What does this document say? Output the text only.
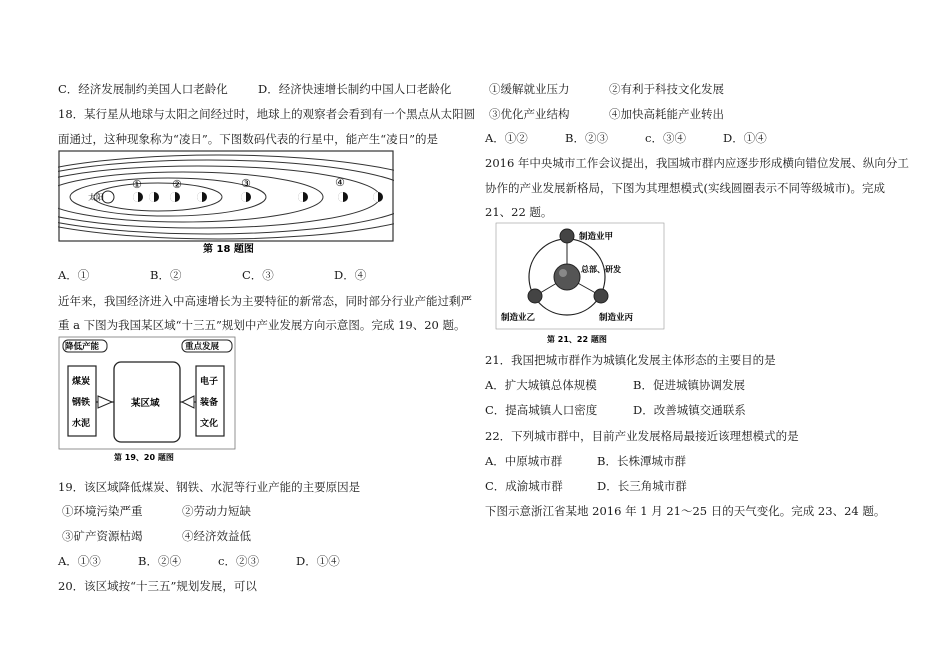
C．经济发展制约美国人口老龄化	D．经济快速增长制约中国人口老龄化
18．某行星从地球与太阳之间经过时，地球上的观察者会看到有一个黑点从太阳圆
面通过，这种现象称为“凌日”。下图数码代表的行星中，能产生“凌日”的是
太阳
①	②	③	④
第 18 题图
A．①	B．②	C．③	D．④
近年来，我国经济进入中高速增长为主要特征的新常态，同时部分行业产能过剩严
重 a 下图为我国某区域“十三五”规划中产业发展方向示意图。完成 19、20 题。
降低产能
煤炭
钢铁
水泥
某区域
重点发展
电子
装备
文化
第 19、20 题图
19．该区域降低煤炭、钢铁、水泥等行业产能的主要原因是
①环境污染严重	②劳动力短缺
③矿产资源枯竭	④经济效益低
A．①③	B．②④	c．②③	D．①④
20．该区域按“十三五”规划发展，可以
①缓解就业压力	②有利于科技文化发展
③优化产业结构	④加快高耗能产业转出
A．①②	B．②③	c．③④	D．①④
2016 年中央城市工作会议提出，我国城市群内应逐步形成横向错位发展、纵向分工
协作的产业发展新格局，下图为其理想模式(实线圆圈表示不同等级城市)。完成
21、22 题。
制造业甲
总部、研发
制造业乙	制造业丙
第 21、22 题图
21．我国把城市群作为城镇化发展主体形态的主要目的是
A．扩大城镇总体规模	B．促进城镇协调发展
C．提高城镇人口密度	D．改善城镇交通联系
22．下列城市群中，目前产业发展格局最接近该理想模式的是
A．中原城市群	B．长株潭城市群
C．成渝城市群	D．长三角城市群
下图示意浙江省某地 2016 年 1 月 21～25 日的天气变化。完成 23、24 题。
